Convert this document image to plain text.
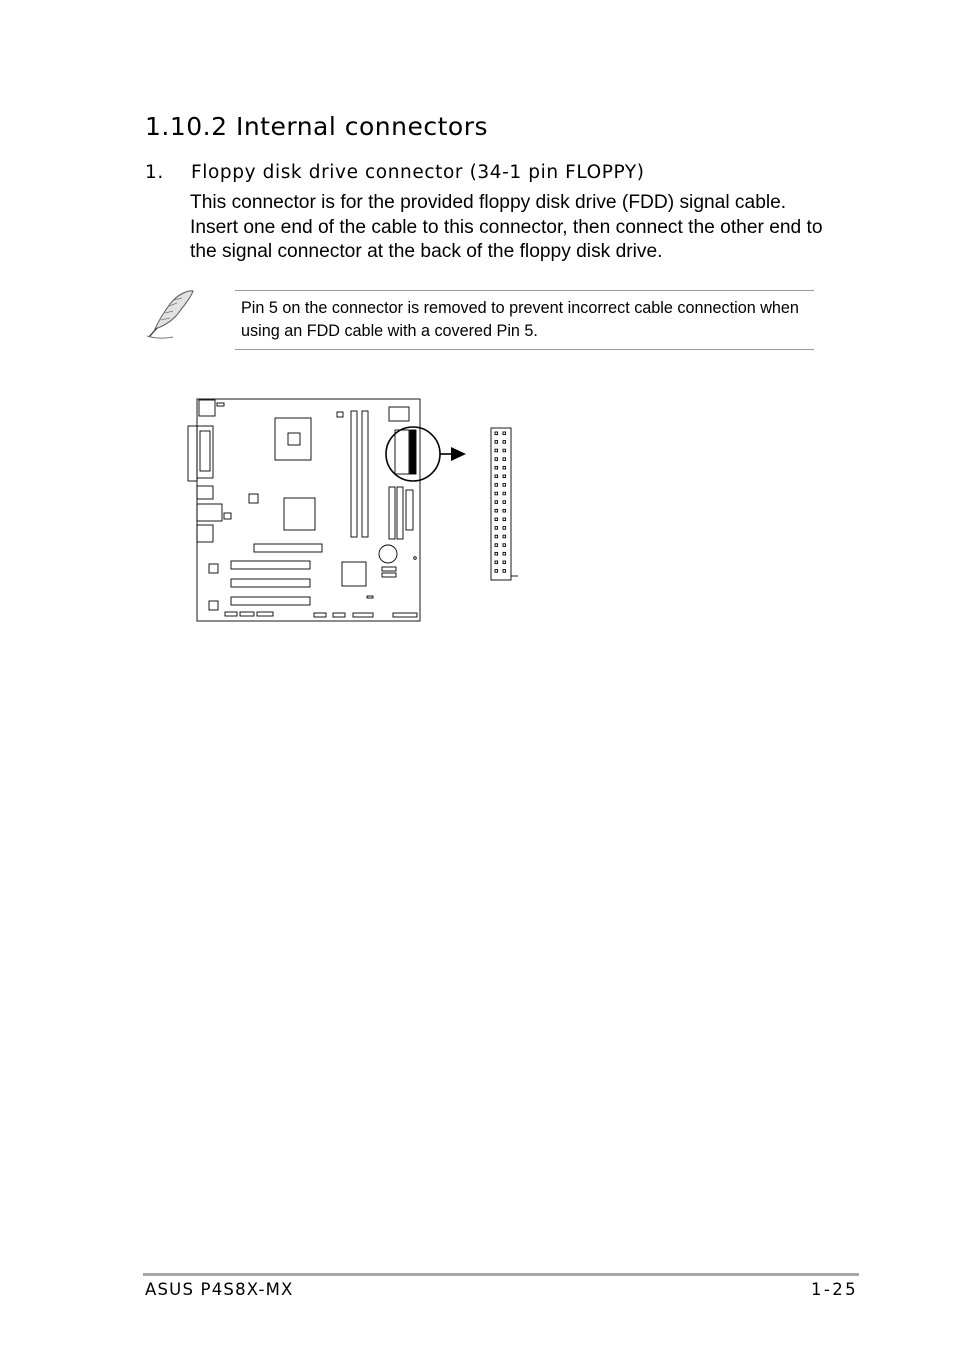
1.10.2 Internal connectors
1. Floppy disk drive connector (34-1 pin FLOPPY)

This connector is for the provided floppy disk drive (FDD) signal cable. Insert one end of the cable to this connector, then connect the other end to the signal connector at the back of the floppy disk drive.

Pin 5 on the connector is removed to prevent incorrect cable connection when using an FDD cable with a covered Pin 5.

ASUS P4S8X-MX	1-25
